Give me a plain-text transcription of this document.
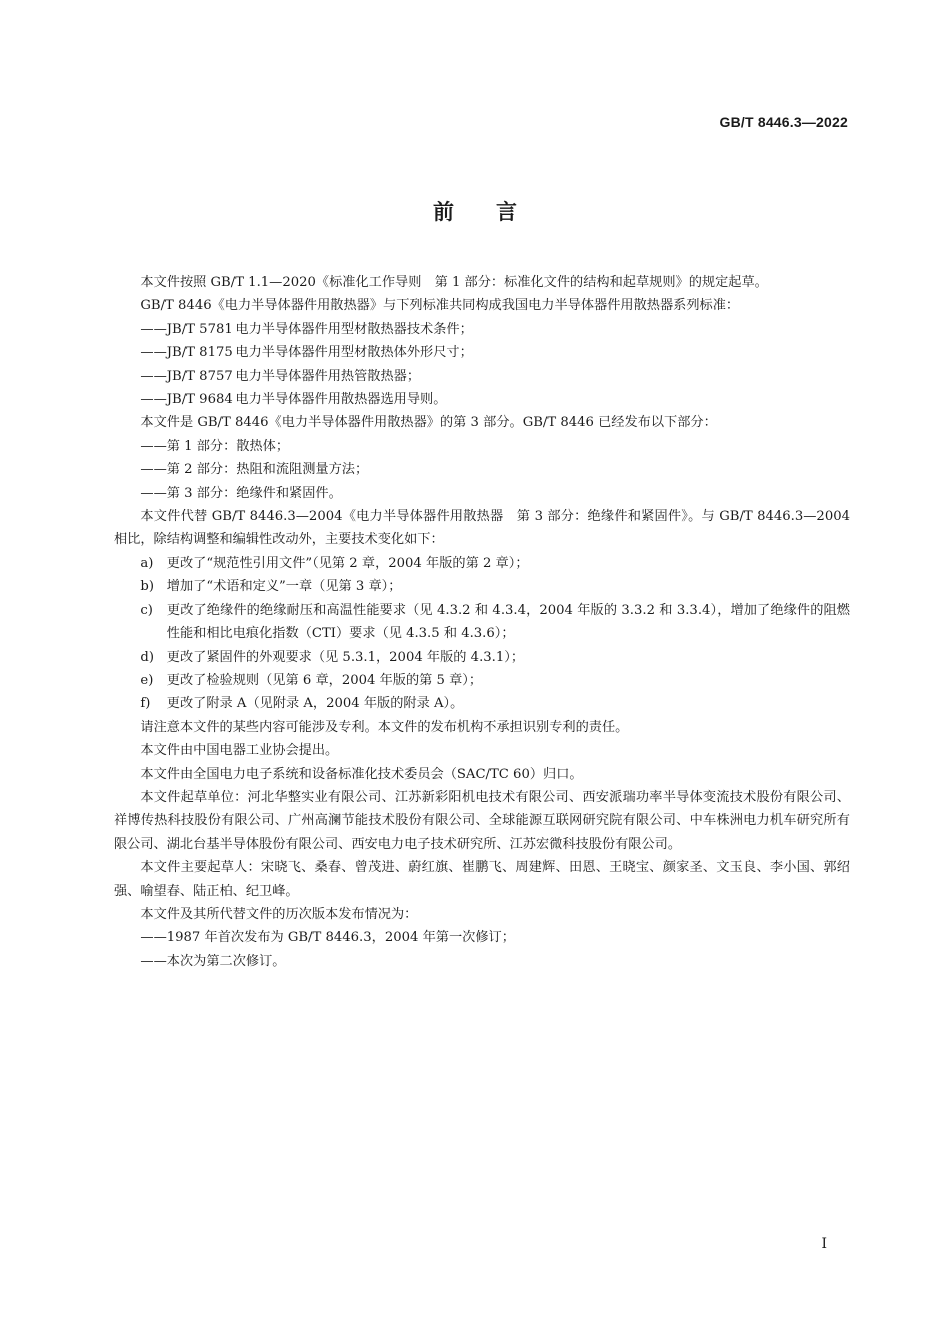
GB/T 8446.3—2022
前言

本文件按照 GB/T 1.1—2020《标准化工作导则　第 1 部分：标准化文件的结构和起草规则》的规定起草。

GB/T 8446《电力半导体器件用散热器》与下列标准共同构成我国电力半导体器件用散热器系列标准：

——JB/T 5781 电力半导体器件用型材散热器技术条件；

——JB/T 8175 电力半导体器件用型材散热体外形尺寸；

——JB/T 8757 电力半导体器件用热管散热器；

——JB/T 9684 电力半导体器件用散热器选用导则。

本文件是 GB/T 8446《电力半导体器件用散热器》的第 3 部分。GB/T 8446 已经发布以下部分：

——第 1 部分：散热体；

——第 2 部分：热阻和流阻测量方法；

——第 3 部分：绝缘件和紧固件。

本文件代替 GB/T 8446.3—2004《电力半导体器件用散热器　第 3 部分：绝缘件和紧固件》。与 GB/T 8446.3—2004 相比，除结构调整和编辑性改动外，主要技术变化如下：

a) 更改了“规范性引用文件”（见第 2 章，2004 年版的第 2 章）；

b) 增加了“术语和定义”一章（见第 3 章）；

c) 更改了绝缘件的绝缘耐压和高温性能要求（见 4.3.2 和 4.3.4，2004 年版的 3.3.2 和 3.3.4），增加了绝缘件的阻燃性能和相比电痕化指数（CTI）要求（见 4.3.5 和 4.3.6）；

d) 更改了紧固件的外观要求（见 5.3.1，2004 年版的 4.3.1）；

e) 更改了检验规则（见第 6 章，2004 年版的第 5 章）；

f) 更改了附录 A（见附录 A，2004 年版的附录 A）。

请注意本文件的某些内容可能涉及专利。本文件的发布机构不承担识别专利的责任。

本文件由中国电器工业协会提出。

本文件由全国电力电子系统和设备标准化技术委员会（SAC/TC 60）归口。

本文件起草单位：河北华整实业有限公司、江苏新彩阳机电技术有限公司、西安派瑞功率半导体变流技术股份有限公司、祥博传热科技股份有限公司、广州高澜节能技术股份有限公司、全球能源互联网研究院有限公司、中车株洲电力机车研究所有限公司、湖北台基半导体股份有限公司、西安电力电子技术研究所、江苏宏微科技股份有限公司。

本文件主要起草人：宋晓飞、桑春、曾茂进、蔚红旗、崔鹏飞、周建辉、田恩、王晓宝、颜家圣、文玉良、李小国、郭绍强、喻望春、陆正柏、纪卫峰。

本文件及其所代替文件的历次版本发布情况为：

——1987 年首次发布为 GB/T 8446.3，2004 年第一次修订；

——本次为第二次修订。

I
